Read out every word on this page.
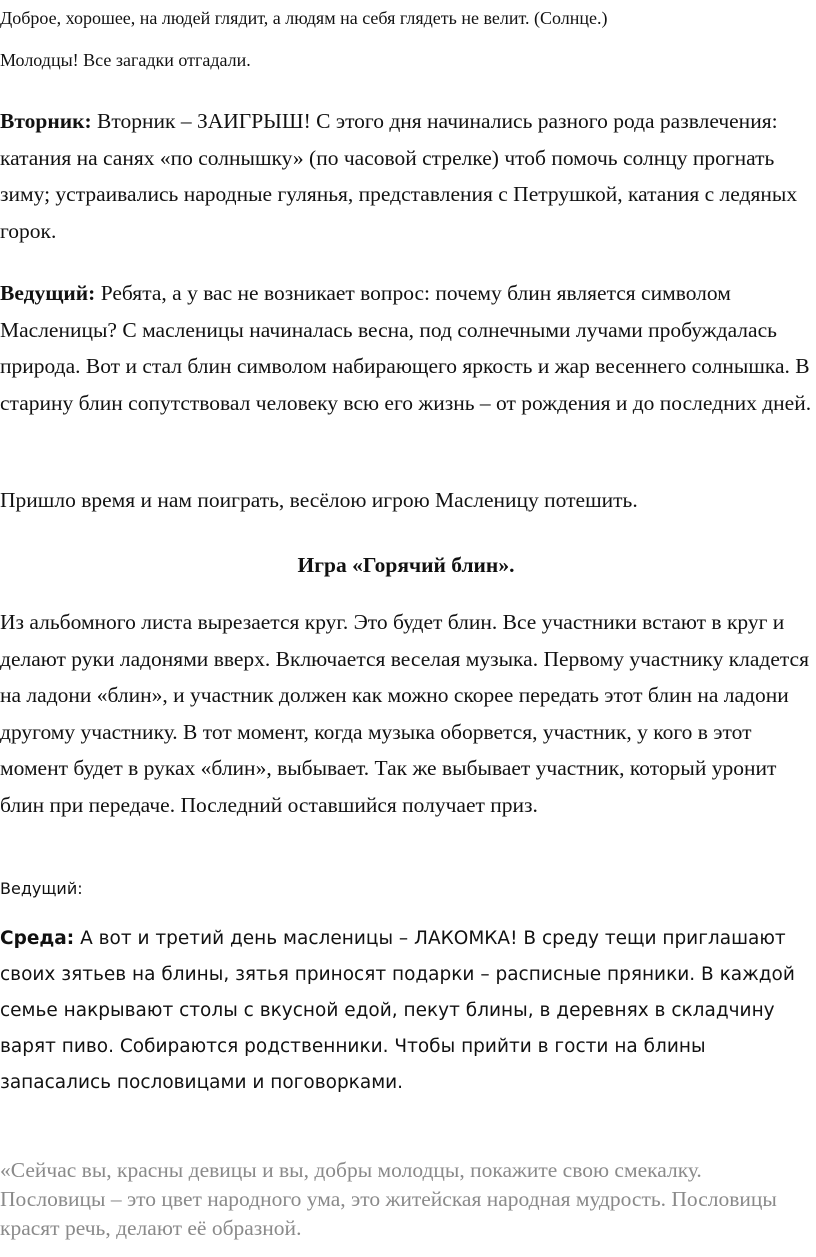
Доброе, хорошее, на людей глядит, а людям на себя глядеть не велит. (Солнце.)

Молодцы! Все загадки отгадали.

Вторник: Вторник – ЗАИГРЫШ! С этого дня начинались разного рода развлечения: катания на санях «по солнышку» (по часовой стрелке) чтоб помочь солнцу прогнать зиму; устраивались народные гулянья, представления с Петрушкой, катания с ледяных горок.

Ведущий: Ребята, а у вас не возникает вопрос: почему блин является символом Масленицы? С масленицы начиналась весна, под солнечными лучами пробуждалась природа. Вот и стал блин символом набирающего яркость и жар весеннего солнышка. В старину блин сопутствовал человеку всю его жизнь – от рождения и до последних дней.

Пришло время и нам поиграть, весёлою игрою Масленицу потешить.

Игра «Горячий блин».

Из альбомного листа вырезается круг. Это будет блин. Все участники встают в круг и делают руки ладонями вверх. Включается веселая музыка. Первому участнику кладется на ладони «блин», и участник должен как можно скорее передать этот блин на ладони другому участнику. В тот момент, когда музыка оборвется, участник, у кого в этот момент будет в руках «блин», выбывает. Так же выбывает участник, который уронит блин при передаче. Последний оставшийся получает приз.

Ведущий:

Среда: А вот и третий день масленицы – ЛАКОМКА! В среду тещи приглашают своих зятьев на блины, зятья приносят подарки – расписные пряники. В каждой семье накрывают столы с вкусной едой, пекут блины, в деревнях в складчину варят пиво. Собираются родственники. Чтобы прийти в гости на блины запасались пословицами и поговорками.

«Сейчас вы, красны девицы и вы, добры молодцы, покажите свою смекалку. Пословицы – это цвет народного ума, это житейская народная мудрость. Пословицы красят речь, делают её образной.
